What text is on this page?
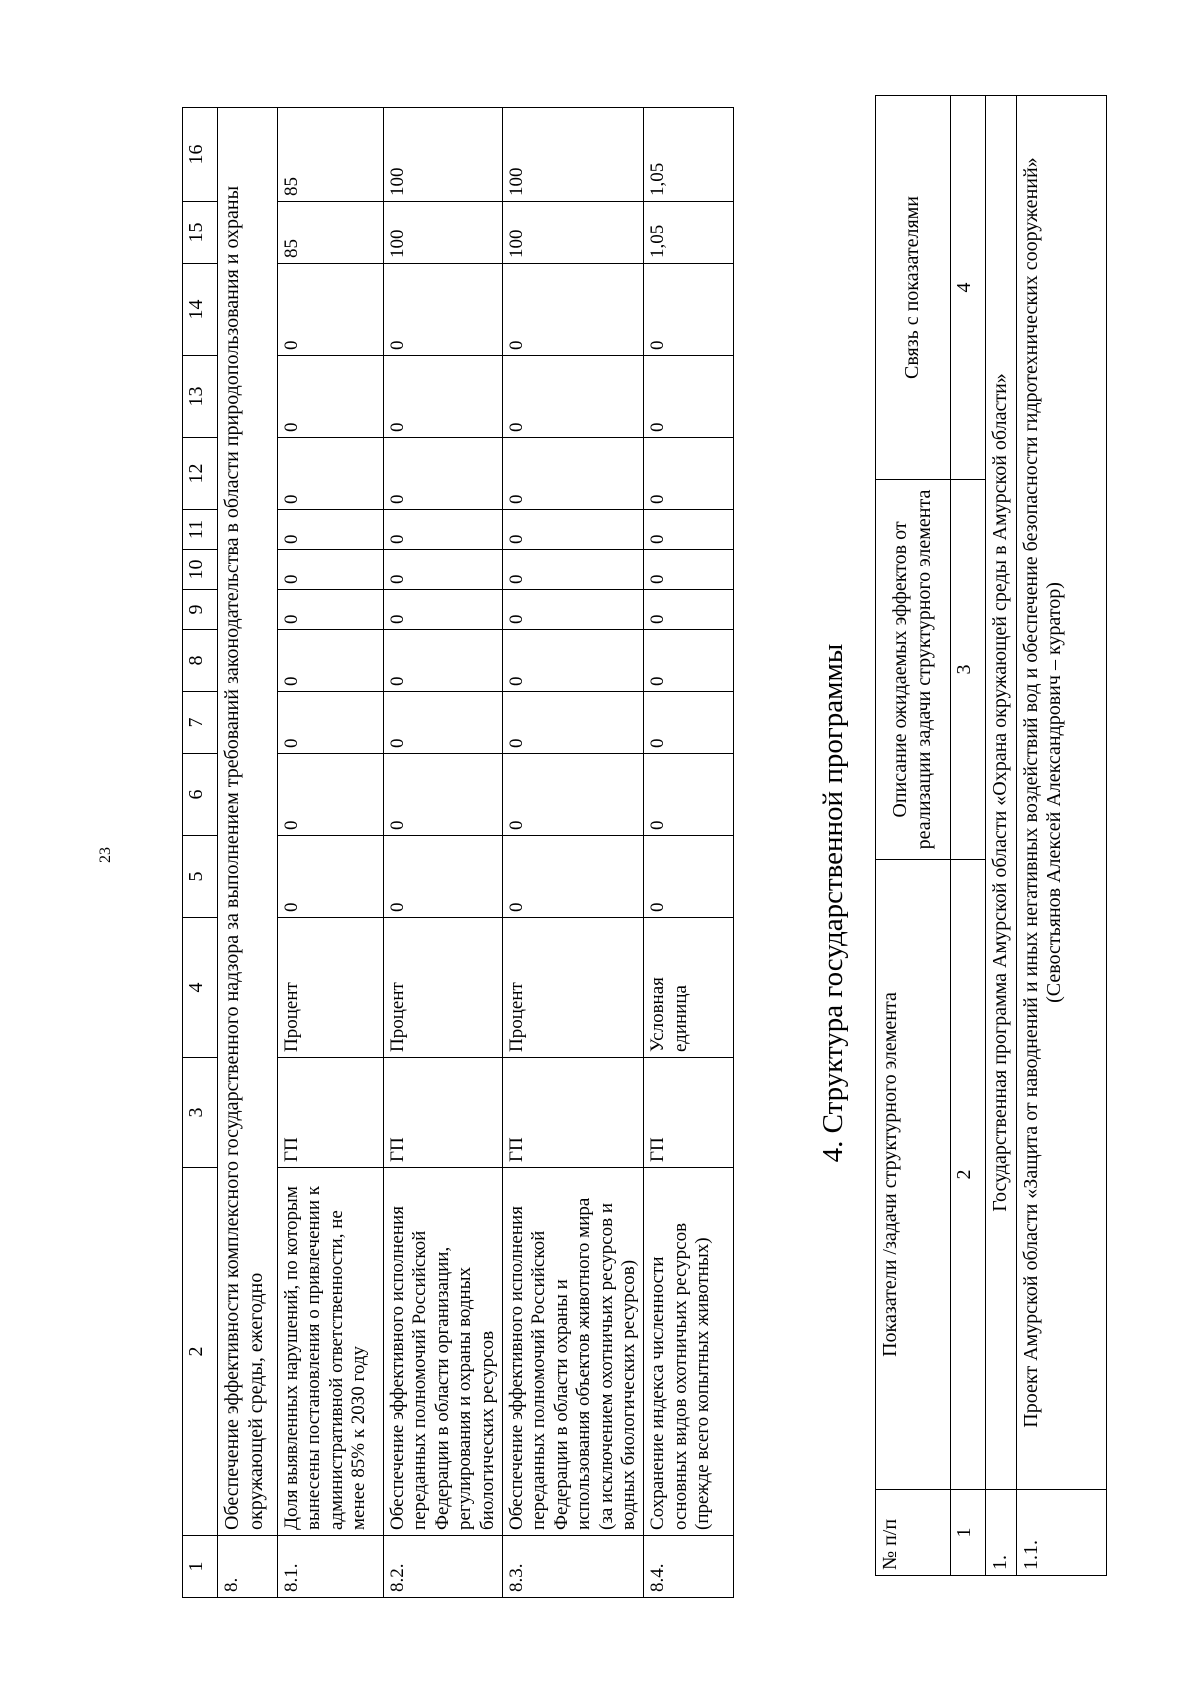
23
1	2	3	4	5	6	7	8	9	10	11	12	13	14	15	16
8.	Обеспечение эффективности комплексного государственного надзора за выполнением требований законодательства в области природопользования и охраны окружающей среды, ежегодно														
8.1.	Доля выявленных нарушений, по которым вынесены постановления о привлечении к административной ответственности, не менее 85% к 2030 году	ГП	Процент	0	0	0	0	0	0	0	0	0	0	85	85
8.2.	Обеспечение эффективного исполнения переданных полномочий Российской Федерации в области организации, регулирования и охраны водных биологических ресурсов	ГП	Процент	0	0	0	0	0	0	0	0	0	0	100	100
8.3.	Обеспечение эффективного исполнения переданных полномочий Российской Федерации в области охраны и использования объектов животного мира (за исключением охотничьих ресурсов и водных биологических ресурсов)	ГП	Процент	0	0	0	0	0	0	0	0	0	0	100	100
8.4.	Сохранение индекса численности основных видов охотничьих ресурсов (прежде всего копытных животных)	ГП	Условная единица	0	0	0	0	0	0	0	0	0	0	1,05	1,05

4. Структура государственной программы

№ п/п	Показатели /задачи структурного элемента	Описание ожидаемых эффектов от реализации задачи структурного элемента	Связь с показателями
1	2	3	4
1.	Государственная программа Амурской области «Охрана окружающей среды в Амурской области»		
1.1.	Проект Амурской области «Защита от наводнений и иных негативных воздействий вод и обеспечение безопасности гидротехнических сооружений» (Севостьянов Алексей Александрович – куратор)		
